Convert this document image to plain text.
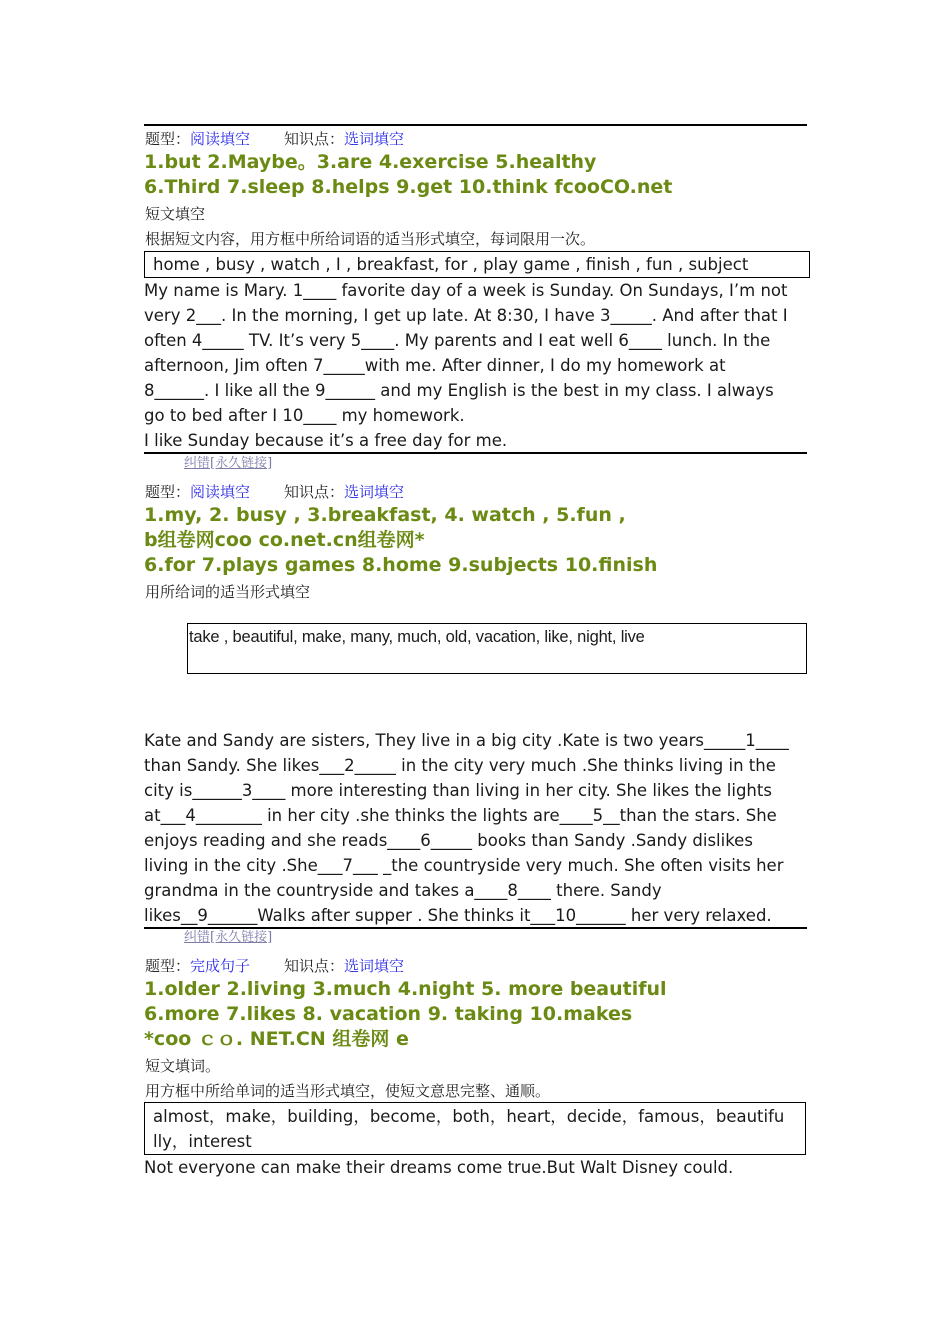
题型：阅读填空 知识点：选词填空
1.but 2.Maybe。3.are 4.exercise 5.healthy
6.Third 7.sleep 8.helps 9.get 10.think fcooCO.net
短文填空
根据短文内容，用方框中所给词语的适当形式填空，每词限用一次。
home , busy , watch , I , breakfast, for , play game , finish , fun , subject
My name is Mary. 1____ favorite day of a week is Sunday. On Sundays, I’m not
very 2___. In the morning, I get up late. At 8:30, I have 3_____. And after that I
often 4_____ TV. It’s very 5____. My parents and I eat well 6____ lunch. In the
afternoon, Jim often 7_____with me. After dinner, I do my homework at
8______. I like all the 9______ and my English is the best in my class. I always
go to bed after I 10____ my homework.
I like Sunday because it’s a free day for me.
纠错[永久链接]
题型：阅读填空 知识点：选词填空
1.my, 2. busy , 3.breakfast, 4. watch , 5.fun ,
b组卷网coo co.net.cn组卷网*
6.for 7.plays games 8.home 9.subjects 10.finish
用所给词的适当形式填空
take , beautiful, make, many, much, old, vacation, like, night, live
Kate and Sandy are sisters, They live in a big city .Kate is two years_____1____
than Sandy. She likes___2_____ in the city very much .She thinks living in the
city is______3____ more interesting than living in her city. She likes the lights
at___4________ in her city .she thinks the lights are____5__than the stars. She
enjoys reading and she reads____6_____ books than Sandy .Sandy dislikes
living in the city .She___7___ _the countryside very much. She often visits her
grandma in the countryside and takes a____8____ there. Sandy
likes__9______Walks after supper . She thinks it___10______ her very relaxed.
纠错[永久链接]
题型：完成句子 知识点：选词填空
1.older 2.living 3.much 4.night 5. more beautiful
6.more 7.likes 8. vacation 9. taking 10.makes
*coo ｃｏ. NET.CN 组卷网 e
短文填词。
用方框中所给单词的适当形式填空，使短文意思完整、通顺。
almost，make，building，become，both，heart，decide，famous，beautifu
lly，interest
Not everyone can make their dreams come true.But Walt Disney could.
